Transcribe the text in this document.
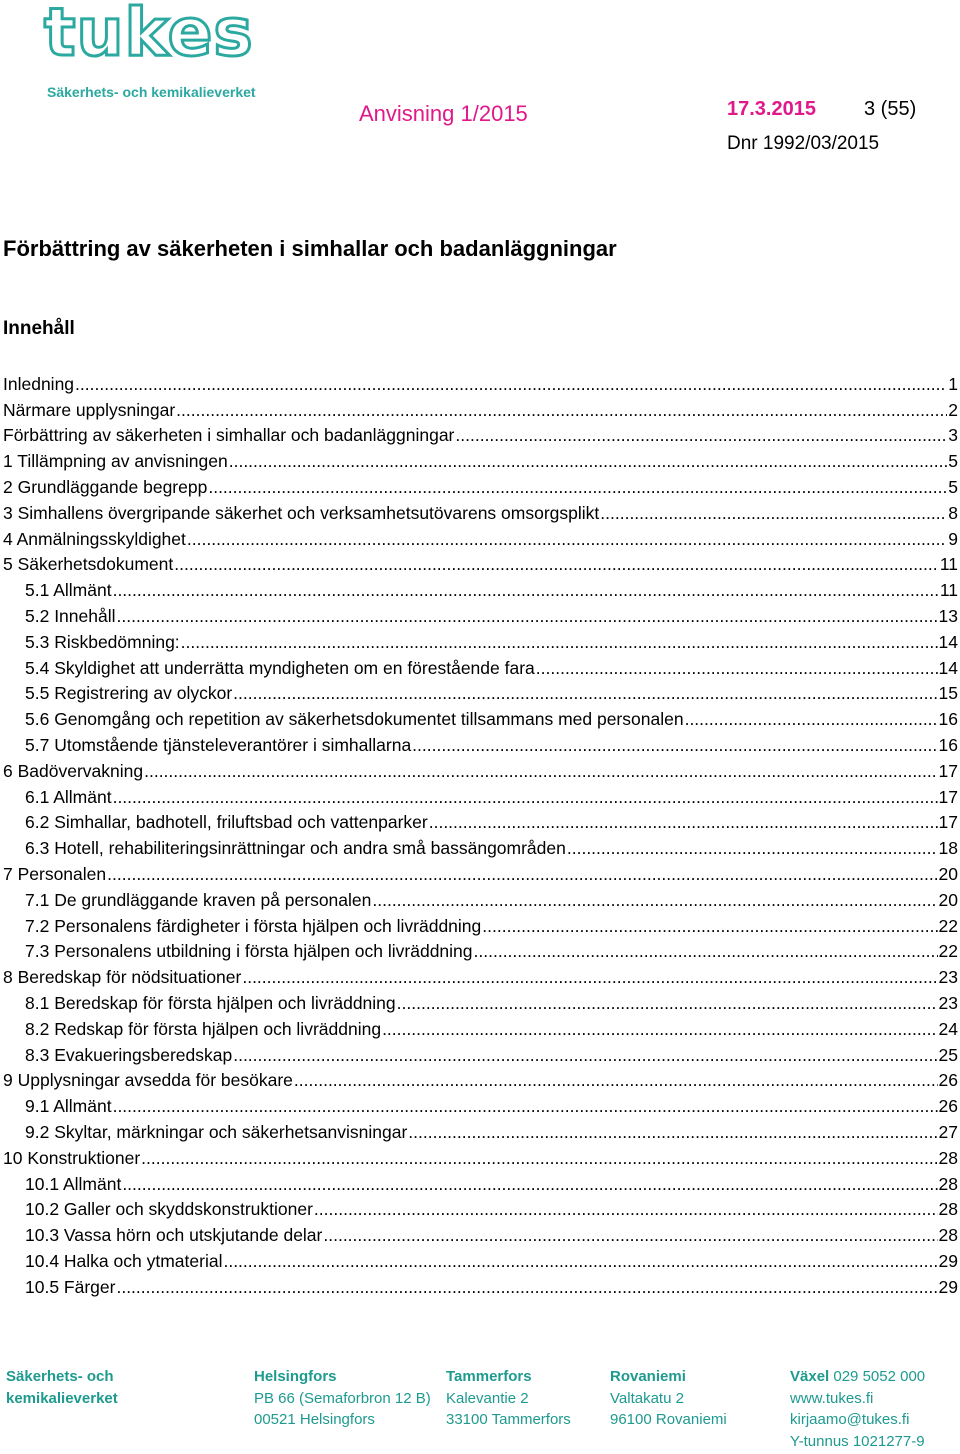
tukes
Säkerhets- och kemikalieverket
Anvisning 1/2015	17.3.2015 3 (55)
Dnr 1992/03/2015
Förbättring av säkerheten i simhallar och badanläggningar
Innehåll
Inledning .....	1
Närmare upplysningar .....	2
Förbättring av säkerheten i simhallar och badanläggningar .....	3
1 Tillämpning av anvisningen .....	5
2 Grundläggande begrepp .....	5
3 Simhallens övergripande säkerhet och verksamhetsutövarens omsorgsplikt .....	8
4 Anmälningsskyldighet .....	9
5 Säkerhetsdokument .....	11
5.1 Allmänt .....	11
5.2 Innehåll .....	13
5.3 Riskbedömning: .....	14
5.4 Skyldighet att underrätta myndigheten om en förestående fara .....	14
5.5 Registrering av olyckor .....	15
5.6 Genomgång och repetition av säkerhetsdokumentet tillsammans med personalen .....	16
5.7 Utomstående tjänsteleverantörer i simhallarna .....	16
6 Badövervakning .....	17
6.1 Allmänt .....	17
6.2 Simhallar, badhotell, friluftsbad och vattenparker .....	17
6.3 Hotell, rehabiliteringsinrättningar och andra små bassängområden .....	18
7 Personalen .....	20
7.1 De grundläggande kraven på personalen .....	20
7.2 Personalens färdigheter i första hjälpen och livräddning .....	22
7.3 Personalens utbildning i första hjälpen och livräddning .....	22
8 Beredskap för nödsituationer .....	23
8.1 Beredskap för första hjälpen och livräddning .....	23
8.2 Redskap för första hjälpen och livräddning .....	24
8.3 Evakueringsberedskap .....	25
9 Upplysningar avsedda för besökare .....	26
9.1 Allmänt .....	26
9.2 Skyltar, märkningar och säkerhetsanvisningar .....	27
10 Konstruktioner .....	28
10.1 Allmänt .....	28
10.2 Galler och skyddskonstruktioner .....	28
10.3 Vassa hörn och utskjutande delar .....	28
10.4 Halka och ytmaterial .....	29
10.5 Färger .....	29
Säkerhets- och
kemikalieverket
Helsingfors
PB 66 (Semaforbron 12 B)
00521 Helsingfors
Tammerfors
Kalevantie 2
33100 Tammerfors
Rovaniemi
Valtakatu 2
96100 Rovaniemi
Växel 029 5052 000
www.tukes.fi
kirjaamo@tukes.fi
Y-tunnus 1021277-9
